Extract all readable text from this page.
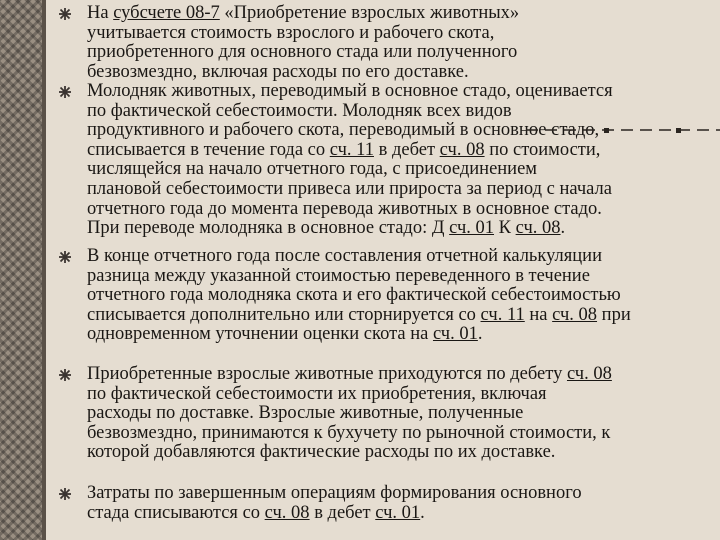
На субсчете 08-7 «Приобретение взрослых животных»
учитывается стоимость взрослого и рабочего скота,
приобретенного для основного стада или полученного
безвозмездно, включая расходы по его доставке.
Молодняк животных, переводимый в основное стадо, оценивается
по фактической себестоимости. Молодняк всех видов
продуктивного и рабочего скота, переводимый в основное стадо,
списывается в течение года со сч. 11 в дебет сч. 08 по стоимости,
числящейся на начало отчетного года, с присоединением
плановой себестоимости привеса или прироста за период с начала
отчетного года до момента перевода животных в основное стадо.
При переводе молодняка в основное стадо: Д сч. 01 К сч. 08.
В конце отчетного года после составления отчетной калькуляции
разница между указанной стоимостью переведенного в течение
отчетного года молодняка скота и его фактической себестоимостью
списывается дополнительно или сторнируется со сч. 11 на сч. 08 при
одновременном уточнении оценки скота на сч. 01.
Приобретенные взрослые животные приходуются по дебету сч. 08
по фактической себестоимости их приобретения, включая
расходы по доставке. Взрослые животные, полученные
безвозмездно, принимаются к бухучету по рыночной стоимости, к
которой добавляются фактические расходы по их доставке.
Затраты по завершенным операциям формирования основного
стада списываются со сч. 08 в дебет сч. 01.
